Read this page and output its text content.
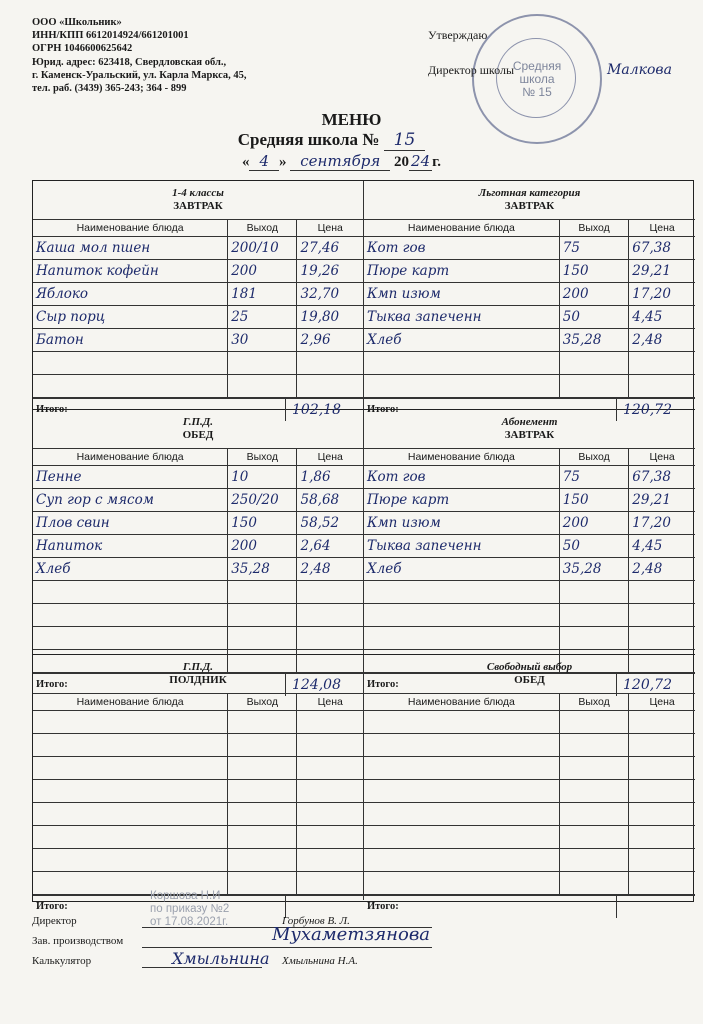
ООО «Школьник»
ИНН/КПП 6612014924/661201001
ОГРН 1046600625642
Юрид. адрес: 623418, Свердловская обл.,
г. Каменск-Уральский, ул. Карла Маркса, 45,
тел. раб. (3439) 365-243; 364 - 899
Средняя
школа
№ 15
Утверждаю
Директор школы	Малкова
МЕНЮ
Средняя школа № 15
« 4 » сентября 20 24 г.
1-4 классы
ЗАВТРАК
Наименование блюда	Выход	Цена
Каша мол пшен	200/10	27,46
Напиток кофейн	200	19,26
Яблоко	181	32,70
Сыр порц	25	19,80
Батон	30	2,96

Итого:	102,18
Льготная категория
ЗАВТРАК
Наименование блюда	Выход	Цена
Кот гов	75	67,38
Пюре карт	150	29,21
Кмп изюм	200	17,20
Тыква запеченн	50	4,45
Хлеб	35,28	2,48

Итого:	120,72
Г.П.Д.
ОБЕД
Наименование блюда	Выход	Цена
Пенне	10	1,86
Суп гор с мясом	250/20	58,68
Плов свин	150	58,52
Напиток	200	2,64
Хлеб	35,28	2,48

Итого:	124,08
Абонемент
ЗАВТРАК
Наименование блюда	Выход	Цена
Кот гов	75	67,38
Пюре карт	150	29,21
Кмп изюм	200	17,20
Тыква запеченн	50	4,45
Хлеб	35,28	2,48

Итого:	120,72
Г.П.Д.
ПОЛДНИК
Наименование блюда	Выход	Цена

Итого:
Свободный выбор
ОБЕД
Наименование блюда	Выход	Цена

Итого:
Коршова Н.И
по приказу №2
от 17.08.2021г.
Директор	Горбунов В. Л.
Зав. производством	Мухаметзянова
Калькулятор	Хмыльнина Хмыльнина Н.А.
